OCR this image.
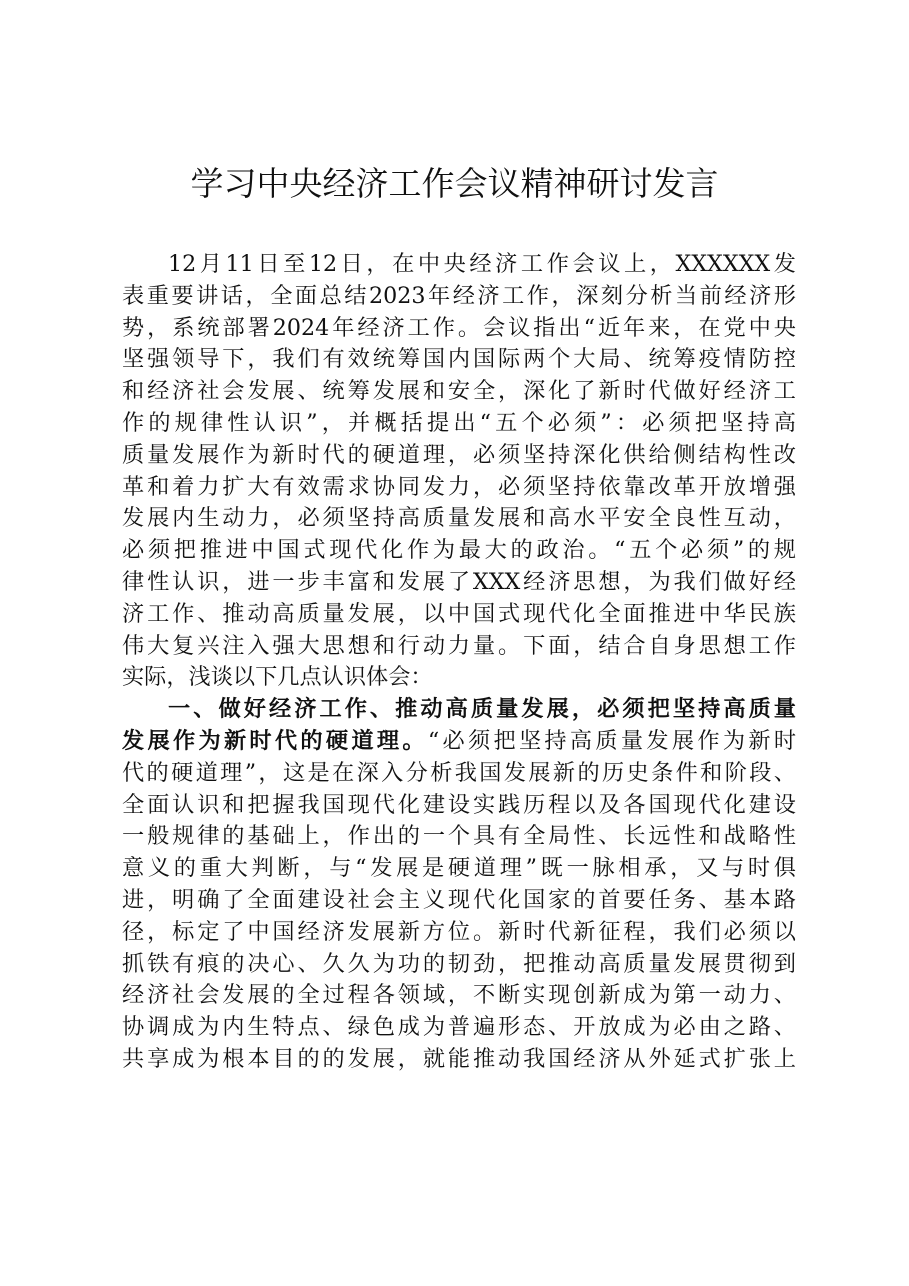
学习中央经济工作会议精神研讨发言
12月11日至12日，在中央经济工作会议上，XXXXXX发
表重要讲话，全面总结2023年经济工作，深刻分析当前经济形
势，系统部署2024年经济工作。会议指出“近年来，在党中央
坚强领导下，我们有效统筹国内国际两个大局、统筹疫情防控
和经济社会发展、统筹发展和安全，深化了新时代做好经济工
作的规律性认识”，并概括提出“五个必须”：必须把坚持高
质量发展作为新时代的硬道理，必须坚持深化供给侧结构性改
革和着力扩大有效需求协同发力，必须坚持依靠改革开放增强
发展内生动力，必须坚持高质量发展和高水平安全良性互动，
必须把推进中国式现代化作为最大的政治。“五个必须”的规
律性认识，进一步丰富和发展了XXX经济思想，为我们做好经
济工作、推动高质量发展，以中国式现代化全面推进中华民族
伟大复兴注入强大思想和行动力量。下面，结合自身思想工作
实际，浅谈以下几点认识体会：
一、做好经济工作、推动高质量发展，必须把坚持高质量
发展作为新时代的硬道理。“必须把坚持高质量发展作为新时
代的硬道理”，这是在深入分析我国发展新的历史条件和阶段、
全面认识和把握我国现代化建设实践历程以及各国现代化建设
一般规律的基础上，作出的一个具有全局性、长远性和战略性
意义的重大判断，与“发展是硬道理”既一脉相承，又与时俱
进，明确了全面建设社会主义现代化国家的首要任务、基本路
径，标定了中国经济发展新方位。新时代新征程，我们必须以
抓铁有痕的决心、久久为功的韧劲，把推动高质量发展贯彻到
经济社会发展的全过程各领域，不断实现创新成为第一动力、
协调成为内生特点、绿色成为普遍形态、开放成为必由之路、
共享成为根本目的的发展，就能推动我国经济从外延式扩张上
